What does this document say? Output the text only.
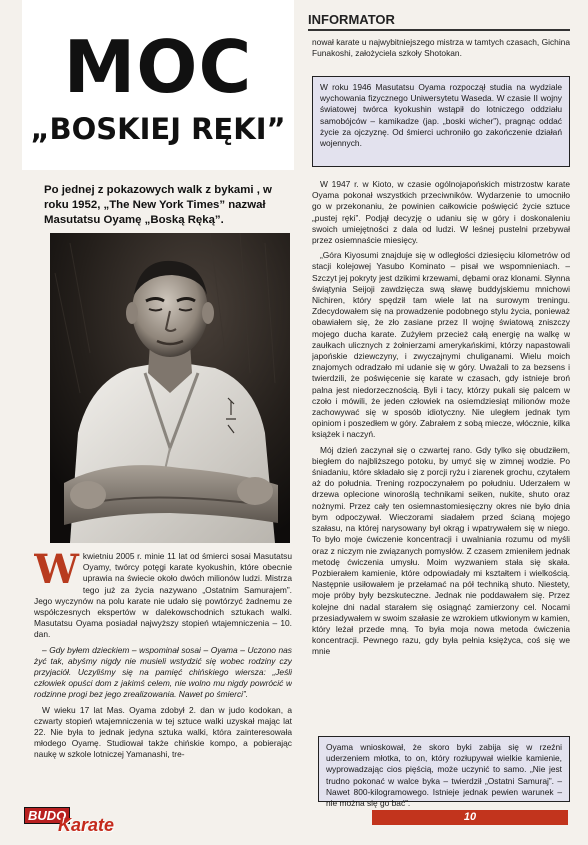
MOC
„BOSKIEJ RĘKI”
INFORMATOR
Po jednej z pokazowych walk z bykami , w roku 1952, „The New York Times” nazwał Masutatsu Oyamę „Boską Ręką”.

Wkwietniu 2005 r. minie 11 lat od śmierci sosai Masutatsu Oyamy, twórcy potęgi karate kyokushin, które obecnie uprawia na świecie około dwóch milionów ludzi. Mistrza tego już za życia nazywano „Ostatnim Samurajem”. Jego wyczynów na polu karate nie udało się powtórzyć żadnemu ze współczesnych ekspertów w dalekowschodnich sztukach walki. Masutatsu Oyama posiadał najwyższy stopień wtajemniczenia – 10. dan.

– Gdy byłem dzieckiem – wspominał sosai – Oyama – Uczono nas żyć tak, abyśmy nigdy nie musieli wstydzić się wobec rodziny czy przyjaciół. Uczyliśmy się na pamięć chińskiego wiersza: „Jeśli człowiek opuści dom z jakimś celem, nie wolno mu nigdy powrócić w rodzinne progi bez jego zrealizowania. Nawet po śmierci”.

W wieku 17 lat Mas. Oyama zdobył 2. dan w judo kodokan, a czwarty stopień wtajemniczenia w tej sztuce walki uzyskał mając lat 22. Nie była to jednak jedyna sztuka walki, która zainteresowała młodego Oyamę. Studiował także chińskie kompo, a pobierając naukę w szkole lotniczej Yamanashi, tre-

nował karate u najwybitniejszego mistrza w tamtych czasach, Gichina Funakoshi, założyciela szkoły Shotokan.

W roku 1946 Masutatsu Oyama rozpoczął studia na wydziale wychowania fizycznego Uniwersytetu Waseda. W czasie II wojny światowej twórca kyokushin wstąpił do lotniczego oddziału samobójców – kamikadze (jap. „boski wicher”), pragnąc oddać życie za ojczyznę. Od śmierci uchroniło go zakończenie działań wojennych.

W 1947 r. w Kioto, w czasie ogólnojapońskich mistrzostw karate Oyama pokonał wszystkich przeciwników. Wydarzenie to umocniło go w przekonaniu, że powinien całkowicie poświęcić życie sztuce „pustej ręki”. Podjął decyzję o udaniu się w góry i doskonaleniu swoich umiejętności z dala od ludzi. W leśnej pustelni przebywał przez osiemnaście miesięcy.

„Góra Kiyosumi znajduje się w odległości dziesięciu kilometrów od stacji kolejowej Yasubo Kominato – pisał we wspomnieniach. – Szczyt jej pokryty jest dzikimi krzewami, dębami oraz klonami. Słynna świątynia Seijoji zawdzięcza swą sławę buddyjskiemu mnichowi Nichiren, który spędził tam wiele lat na surowym treningu. Zdecydowałem się na prowadzenie podobnego stylu życia, ponieważ obawiałem się, że zło zasiane przez II wojnę światową zniszczy mojego ducha karate. Zużyłem przecież całą energię na walkę w zaułkach ulicznych z żołnierzami amerykańskimi, którzy napastowali japońskie dziewczyny, i zwyczajnymi chuliganami. Wielu moich znajomych odradzało mi udanie się w góry. Uważali to za bezsens i twierdzili, że poświęcenie się karate w czasach, gdy istnieje broń palna jest niedorzecznością. Byli i tacy, którzy pukali się palcem w czoło i mówili, że jeden człowiek na osiemdziesiąt milionów może zachowywać się w sposób idiotyczny. Nie uległem jednak tym opiniom i poszedłem w góry. Zabrałem z sobą miecze, włócznie, kilka książek i naczyń.

Mój dzień zaczynał się o czwartej rano. Gdy tylko się obudziłem, biegłem do najbliższego potoku, by umyć się w zimnej wodzie. Po śniadaniu, które składało się z porcji ryżu i ziarenek grochu, czytałem aż do południa. Trening rozpoczynałem po południu. Uderzałem w drzewa oplecione winoroślą technikami seiken, nukite, shuto oraz nożnymi. Przez cały ten osiemnastomiesięczny okres nie było dnia bym odpoczywał. Wieczorami siadałem przed ścianą mojego szałasu, na której narysowany był okrąg i wpatrywałem się w niego. To było moje ćwiczenie koncentracji i uwalniania rozumu od myśli oraz z niczym nie związanych pomysłów. Z czasem zmieniłem jednak metodę ćwiczenia umysłu. Moim wyzwaniem stała się skała. Pozbierałem kamienie, które odpowiadały mi kształtem i wielkością. Następnie usiłowałem je przełamać na pół techniką shuto. Niestety, moje próby były bezskuteczne. Jednak nie poddawałem się. Przez kolejne dni nadal starałem się osiągnąć zamierzony cel. Nocami przesiadywałem w swoim szałasie ze wzrokiem utkwionym w kamien, który leżał przede mną. To była moja nowa metoda ćwiczenia koncentracji. Pewnego razu, gdy była pełnia księżyca, coś się we mnie

Oyama wnioskował, że skoro byki zabija się w rzeźni uderzeniem młotka, to on, który rozłupywał wielkie kamienie, wyprowadzając cios pięścią, może uczynić to samo. „Nie jest trudno pokonać w walce byka – twierdził „Ostatni Samuraj”. – Nawet 800-kilogramowego. Istnieje jednak pewien warunek – nie można się go bać”.
BUDO
Karate	10
